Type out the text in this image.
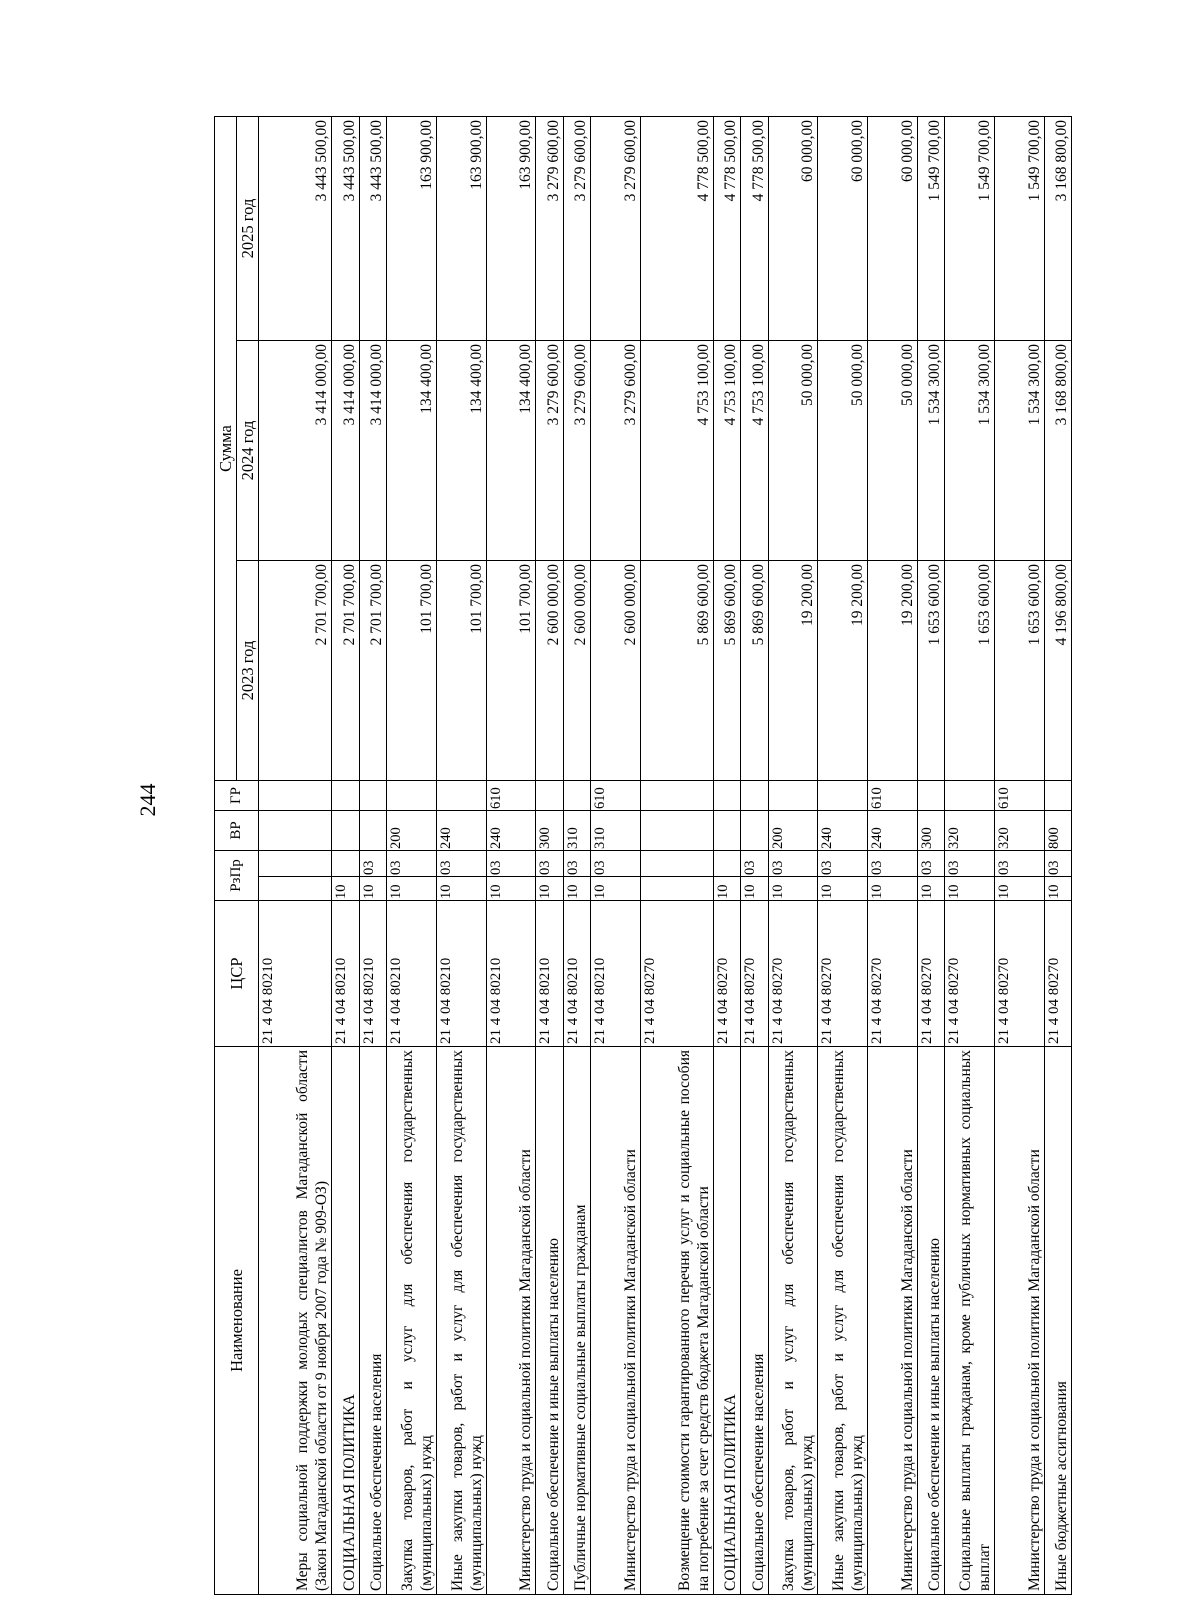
244
Наименование	ЦСР	РзПр		ВР	ГР	Сумма		
						2023 год	2024 год	2025 год
Меры социальной поддержки молодых специалистов Магаданской области (Закон Магаданской области от 9 ноября 2007 года № 909-ОЗ)	21 4 04 80210					2 701 700,00	3 414 000,00	3 443 500,00
СОЦИАЛЬНАЯ ПОЛИТИКА	21 4 04 80210	10				2 701 700,00	3 414 000,00	3 443 500,00
Социальное обеспечение населения	21 4 04 80210	10	03			2 701 700,00	3 414 000,00	3 443 500,00
Закупка товаров, работ и услуг для обеспечения государственных (муниципальных) нужд	21 4 04 80210	10	03	200		101 700,00	134 400,00	163 900,00
Иные закупки товаров, работ и услуг для обеспечения государственных (муниципальных) нужд	21 4 04 80210	10	03	240		101 700,00	134 400,00	163 900,00
Министерство труда и социальной политики Магаданской области	21 4 04 80210	10	03	240	610	101 700,00	134 400,00	163 900,00
Социальное обеспечение и иные выплаты населению	21 4 04 80210	10	03	300		2 600 000,00	3 279 600,00	3 279 600,00
Публичные нормативные социальные выплаты гражданам	21 4 04 80210	10	03	310		2 600 000,00	3 279 600,00	3 279 600,00
Министерство труда и социальной политики Магаданской области	21 4 04 80210	10	03	310	610	2 600 000,00	3 279 600,00	3 279 600,00
Возмещение стоимости гарантированного перечня услуг и социальные пособия на погребение за счет средств бюджета Магаданской области	21 4 04 80270					5 869 600,00	4 753 100,00	4 778 500,00
СОЦИАЛЬНАЯ ПОЛИТИКА	21 4 04 80270	10				5 869 600,00	4 753 100,00	4 778 500,00
Социальное обеспечение населения	21 4 04 80270	10	03			5 869 600,00	4 753 100,00	4 778 500,00
Закупка товаров, работ и услуг для обеспечения государственных (муниципальных) нужд	21 4 04 80270	10	03	200		19 200,00	50 000,00	60 000,00
Иные закупки товаров, работ и услуг для обеспечения государственных (муниципальных) нужд	21 4 04 80270	10	03	240		19 200,00	50 000,00	60 000,00
Министерство труда и социальной политики Магаданской области	21 4 04 80270	10	03	240	610	19 200,00	50 000,00	60 000,00
Социальное обеспечение и иные выплаты населению	21 4 04 80270	10	03	300		1 653 600,00	1 534 300,00	1 549 700,00
Социальные выплаты гражданам, кроме публичных нормативных социальных выплат	21 4 04 80270	10	03	320		1 653 600,00	1 534 300,00	1 549 700,00
Министерство труда и социальной политики Магаданской области	21 4 04 80270	10	03	320	610	1 653 600,00	1 534 300,00	1 549 700,00
Иные бюджетные ассигнования	21 4 04 80270	10	03	800		4 196 800,00	3 168 800,00	3 168 800,00
